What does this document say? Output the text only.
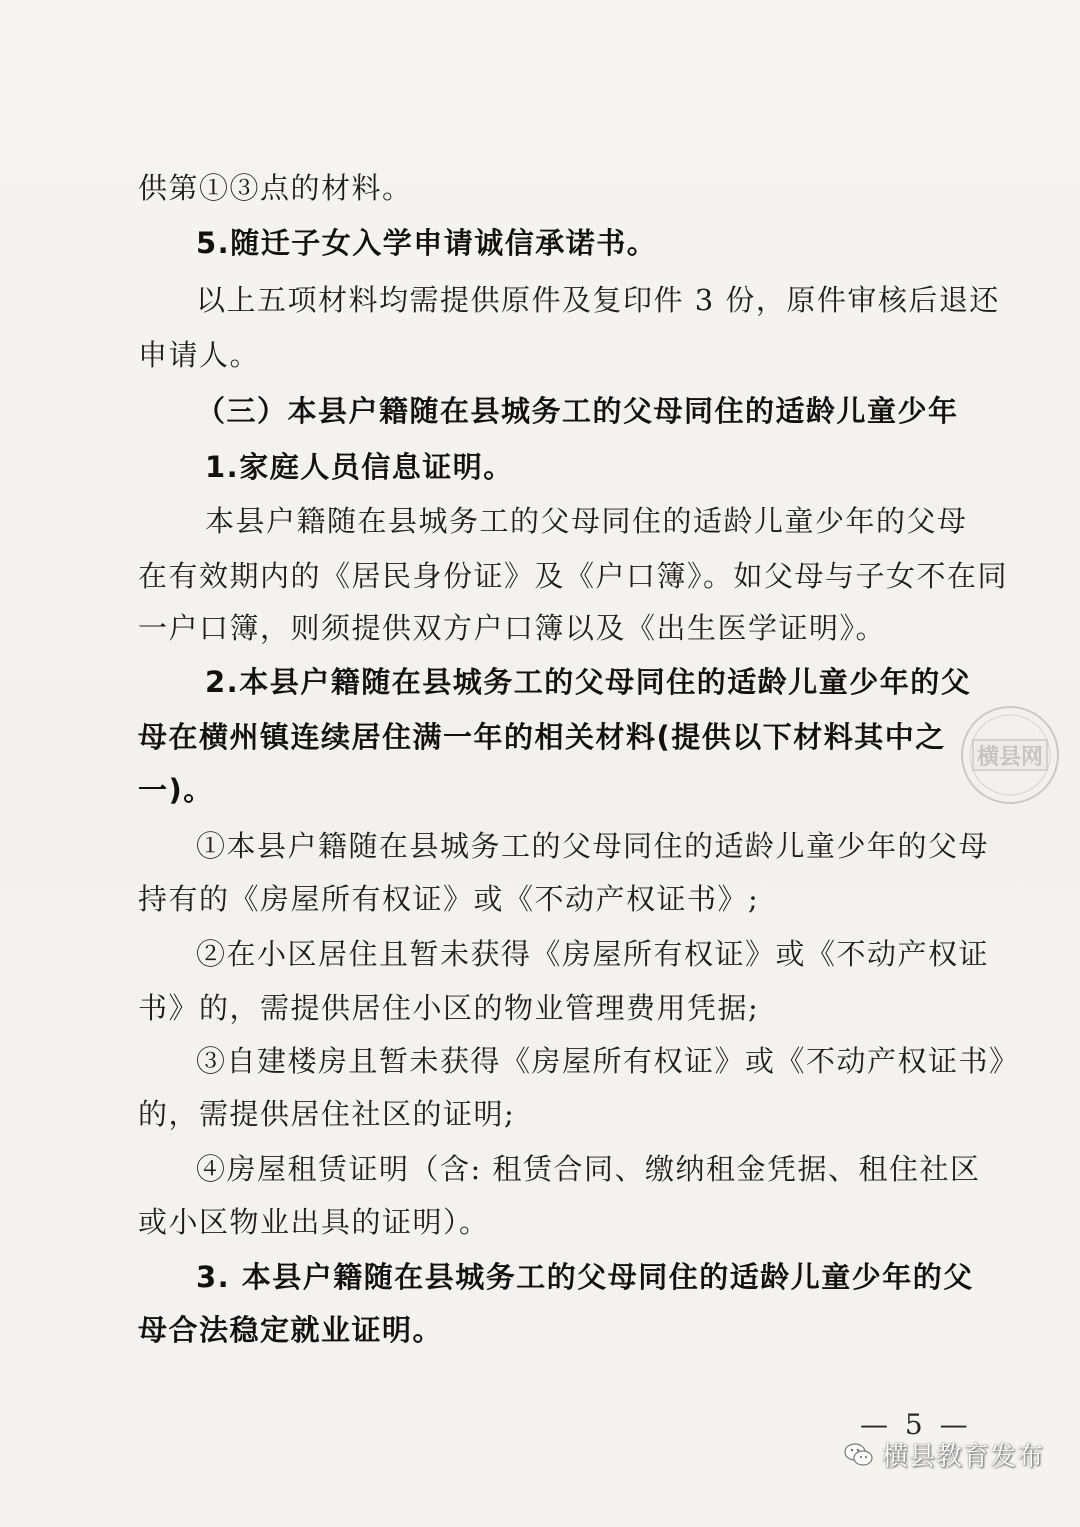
供第①③点的材料。
5.随迁子女入学申请诚信承诺书。
以上五项材料均需提供原件及复印件 3 份，原件审核后退还
申请人。
（三）本县户籍随在县城务工的父母同住的适龄儿童少年
1.家庭人员信息证明。
本县户籍随在县城务工的父母同住的适龄儿童少年的父母
在有效期内的《居民身份证》及《户口簿》。如父母与子女不在同
一户口簿，则须提供双方户口簿以及《出生医学证明》。
2.本县户籍随在县城务工的父母同住的适龄儿童少年的父
母在横州镇连续居住满一年的相关材料(提供以下材料其中之
一)。
①本县户籍随在县城务工的父母同住的适龄儿童少年的父母
持有的《房屋所有权证》或《不动产权证书》;
②在小区居住且暂未获得《房屋所有权证》或《不动产权证
书》的，需提供居住小区的物业管理费用凭据;
③自建楼房且暂未获得《房屋所有权证》或《不动产权证书》
的，需提供居住社区的证明;
④房屋租赁证明（含: 租赁合同、缴纳租金凭据、租住社区
或小区物业出具的证明）。
3. 本县户籍随在县城务工的父母同住的适龄儿童少年的父
母合法稳定就业证明。
横县网
— 5 —
横县教育发布
